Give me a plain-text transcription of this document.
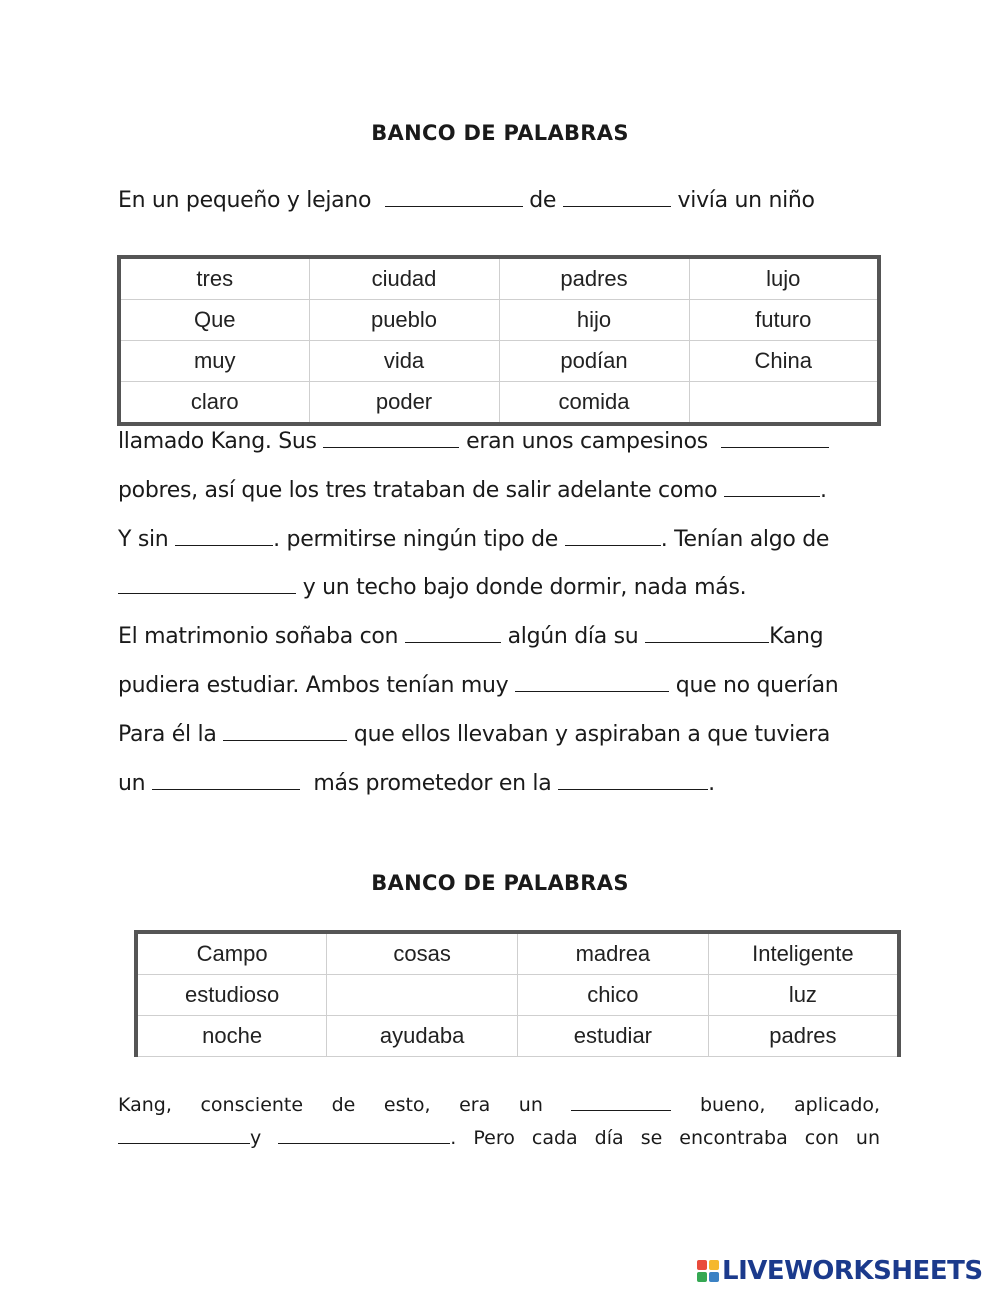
BANCO DE PALABRAS
En un pequeño y lejano	de	vivía un niño
tres	ciudad	padres	lujo
Que	pueblo	hijo	futuro
muy	vida	podían	China
claro	poder	comida	
llamado Kang. Sus	eran unos campesinos
pobres, así que los tres trataban de salir adelante como	.
Y sin	. permitirse ningún tipo de	. Tenían algo de
y un techo bajo donde dormir, nada más.
El matrimonio soñaba con	algún día su	Kang
pudiera estudiar. Ambos tenían muy	que no querían
Para él la	que ellos llevaban y aspiraban a que tuviera
un	más prometedor en la	.
BANCO DE PALABRAS
Campo	cosas	madrea	Inteligente
estudioso		chico	luz
noche	ayudaba	estudiar	padres
Kang, consciente de esto, era un	bueno, aplicado,
y	. Pero cada día se encontraba con un
LIVEWORKSHEETS
